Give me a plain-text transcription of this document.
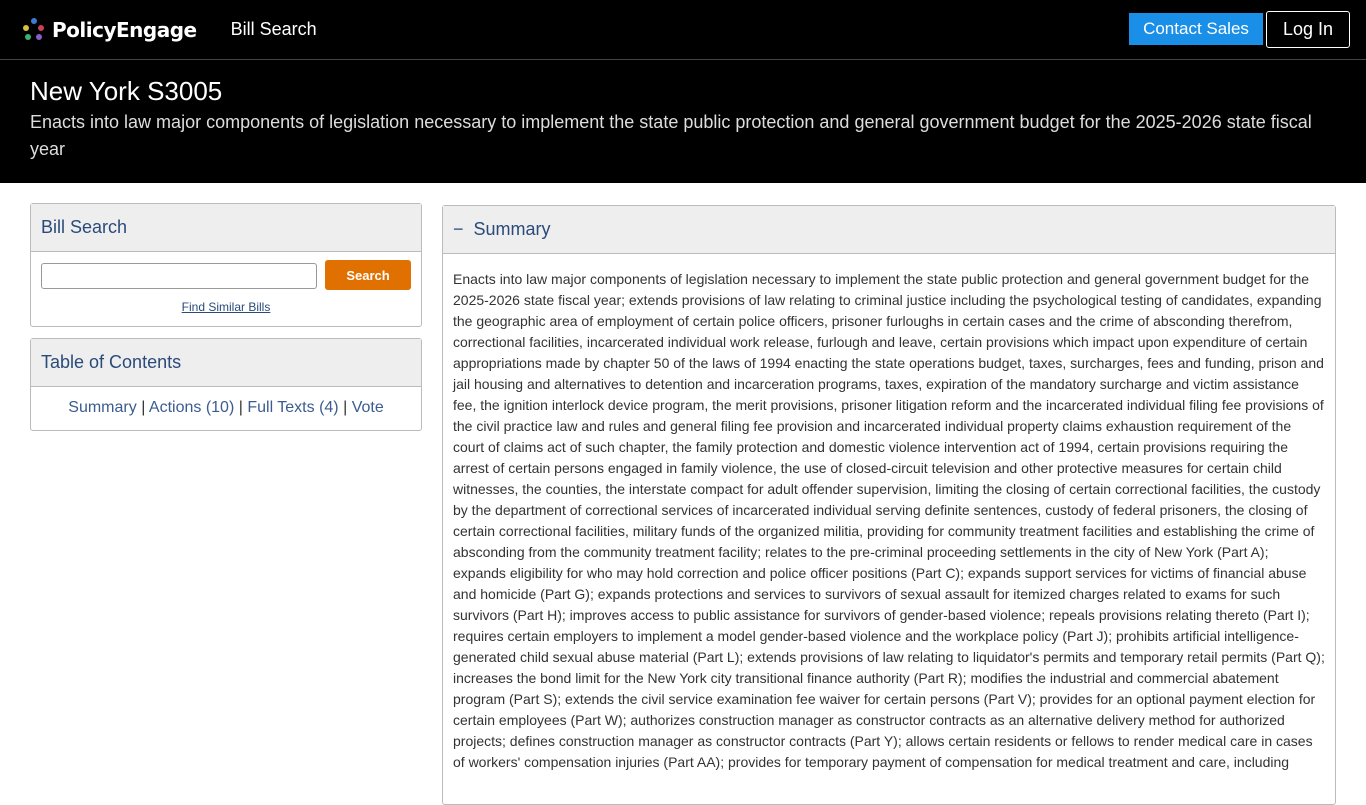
PolicyEngage Bill Search	Contact Sales	Log In
New York S3005

Enacts into law major components of legislation necessary to implement the state public protection and general government budget for the 2025-2026 state fiscal year

Bill Search
Search
Find Similar Bills
Table of Contents
Summary | Actions (10) | Full Texts (4) | Vote
− Summary
Enacts into law major components of legislation necessary to implement the state public protection and general government budget for the 2025-2026 state fiscal year; extends provisions of law relating to criminal justice including the psychological testing of candidates, expanding the geographic area of employment of certain police officers, prisoner furloughs in certain cases and the crime of absconding therefrom, correctional facilities, incarcerated individual work release, furlough and leave, certain provisions which impact upon expenditure of certain appropriations made by chapter 50 of the laws of 1994 enacting the state operations budget, taxes, surcharges, fees and funding, prison and jail housing and alternatives to detention and incarceration programs, taxes, expiration of the mandatory surcharge and victim assistance fee, the ignition interlock device program, the merit provisions, prisoner litigation reform and the incarcerated individual filing fee provisions of the civil practice law and rules and general filing fee provision and incarcerated individual property claims exhaustion requirement of the court of claims act of such chapter, the family protection and domestic violence intervention act of 1994, certain provisions requiring the arrest of certain persons engaged in family violence, the use of closed-circuit television and other protective measures for certain child witnesses, the counties, the interstate compact for adult offender supervision, limiting the closing of certain correctional facilities, the custody by the department of correctional services of incarcerated individual serving definite sentences, custody of federal prisoners, the closing of certain correctional facilities, military funds of the organized militia, providing for community treatment facilities and establishing the crime of absconding from the community treatment facility; relates to the pre-criminal proceeding settlements in the city of New York (Part A); expands eligibility for who may hold correction and police officer positions (Part C); expands support services for victims of financial abuse and homicide (Part G); expands protections and services to survivors of sexual assault for itemized charges related to exams for such survivors (Part H); improves access to public assistance for survivors of gender-based violence; repeals provisions relating thereto (Part I); requires certain employers to implement a model gender-based violence and the workplace policy (Part J); prohibits artificial intelligence-generated child sexual abuse material (Part L); extends provisions of law relating to liquidator's permits and temporary retail permits (Part Q); increases the bond limit for the New York city transitional finance authority (Part R); modifies the industrial and commercial abatement program (Part S); extends the civil service examination fee waiver for certain persons (Part V); provides for an optional payment election for certain employees (Part W); authorizes construction manager as constructor contracts as an alternative delivery method for authorized projects; defines construction manager as constructor contracts (Part Y); allows certain residents or fellows to render medical care in cases of workers' compensation injuries (Part AA); provides for temporary payment of compensation for medical treatment and care, including
